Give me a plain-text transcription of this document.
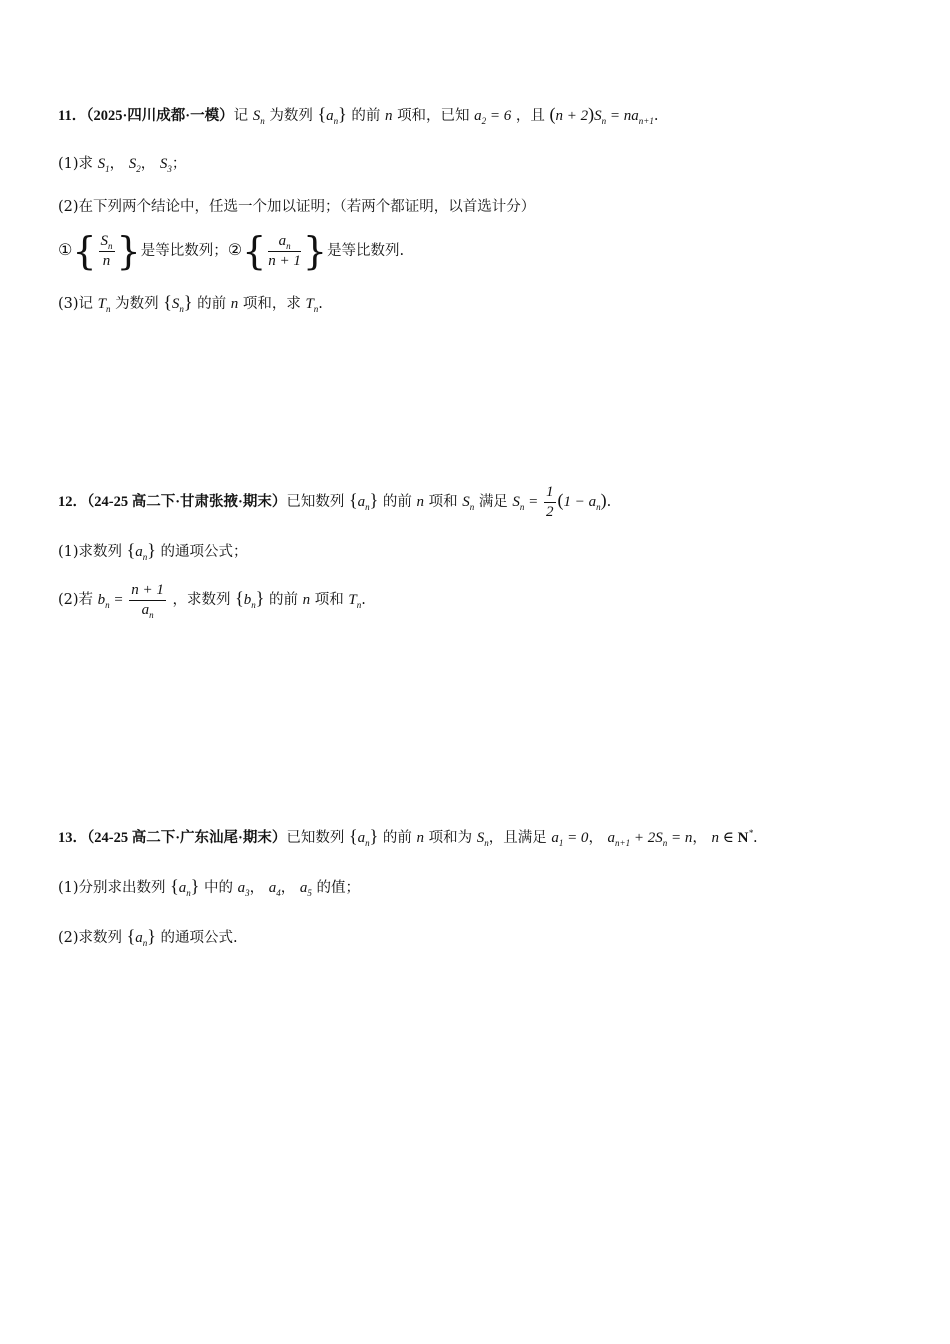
11．（2025·四川成都·一模）记 $S_n$ 为数列 $\{a_n\}$ 的前 n 项和，已知 $a_2 = 6$ ，且 $(n + 2)S_n = na_{n+1}$.
(1)求 $S_1$， $S_2$， $S_3$；
(2)在下列两个结论中，任选一个加以证明；（若两个都证明，以首选计分）
①{ $\frac{S_n}{n}$ }是等比数列；②{ $\frac{a_n}{n + 1}$ }是等比数列.
(3)记 $T_n$ 为数列 $\{S_n\}$ 的前 n 项和，求 $T_n$.
12．（24-25 高二下·甘肃张掖·期末）已知数列 $\{a_n\}$ 的前 n 项和 $S_n$ 满足 $S_n = \frac{1}{2} (1 - a_n)$.
(1)求数列 $\{a_n\}$ 的通项公式；
(2)若 $b_n = \frac{n + 1}{a_n}$ ，求数列 $\{b_n\}$ 的前 n 项和 $T_n$.
13．（24-25 高二下·广东汕尾·期末）已知数列 $\{a_n\}$ 的前 n 项和为 $S_n$，且满足 $a_1 = 0$， $a_{n+1} + 2S_n = n$， n ∈ N*.
(1)分别求出数列 $\{a_n\}$ 中的 $a_3$， $a_4$， $a_5$ 的值；
(2)求数列 $\{a_n\}$ 的通项公式.
